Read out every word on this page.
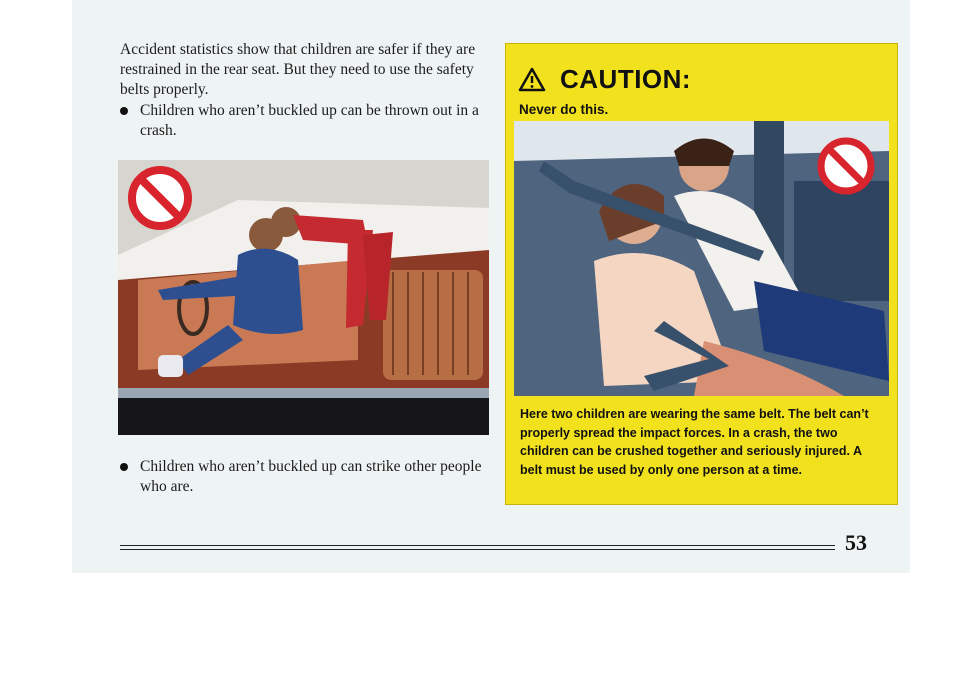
Accident statistics show that children are safer if they are restrained in the rear seat. But they need to use the safety belts properly.

Children who aren’t buckled up can be thrown out in a crash.
Children who aren’t buckled up can strike other people who are.
CAUTION:
Never do this.

Here two children are wearing the same belt. The belt can’t properly spread the impact forces. In a crash, the two children can be crushed together and seriously injured. A belt must be used by only one person at a time.

53
